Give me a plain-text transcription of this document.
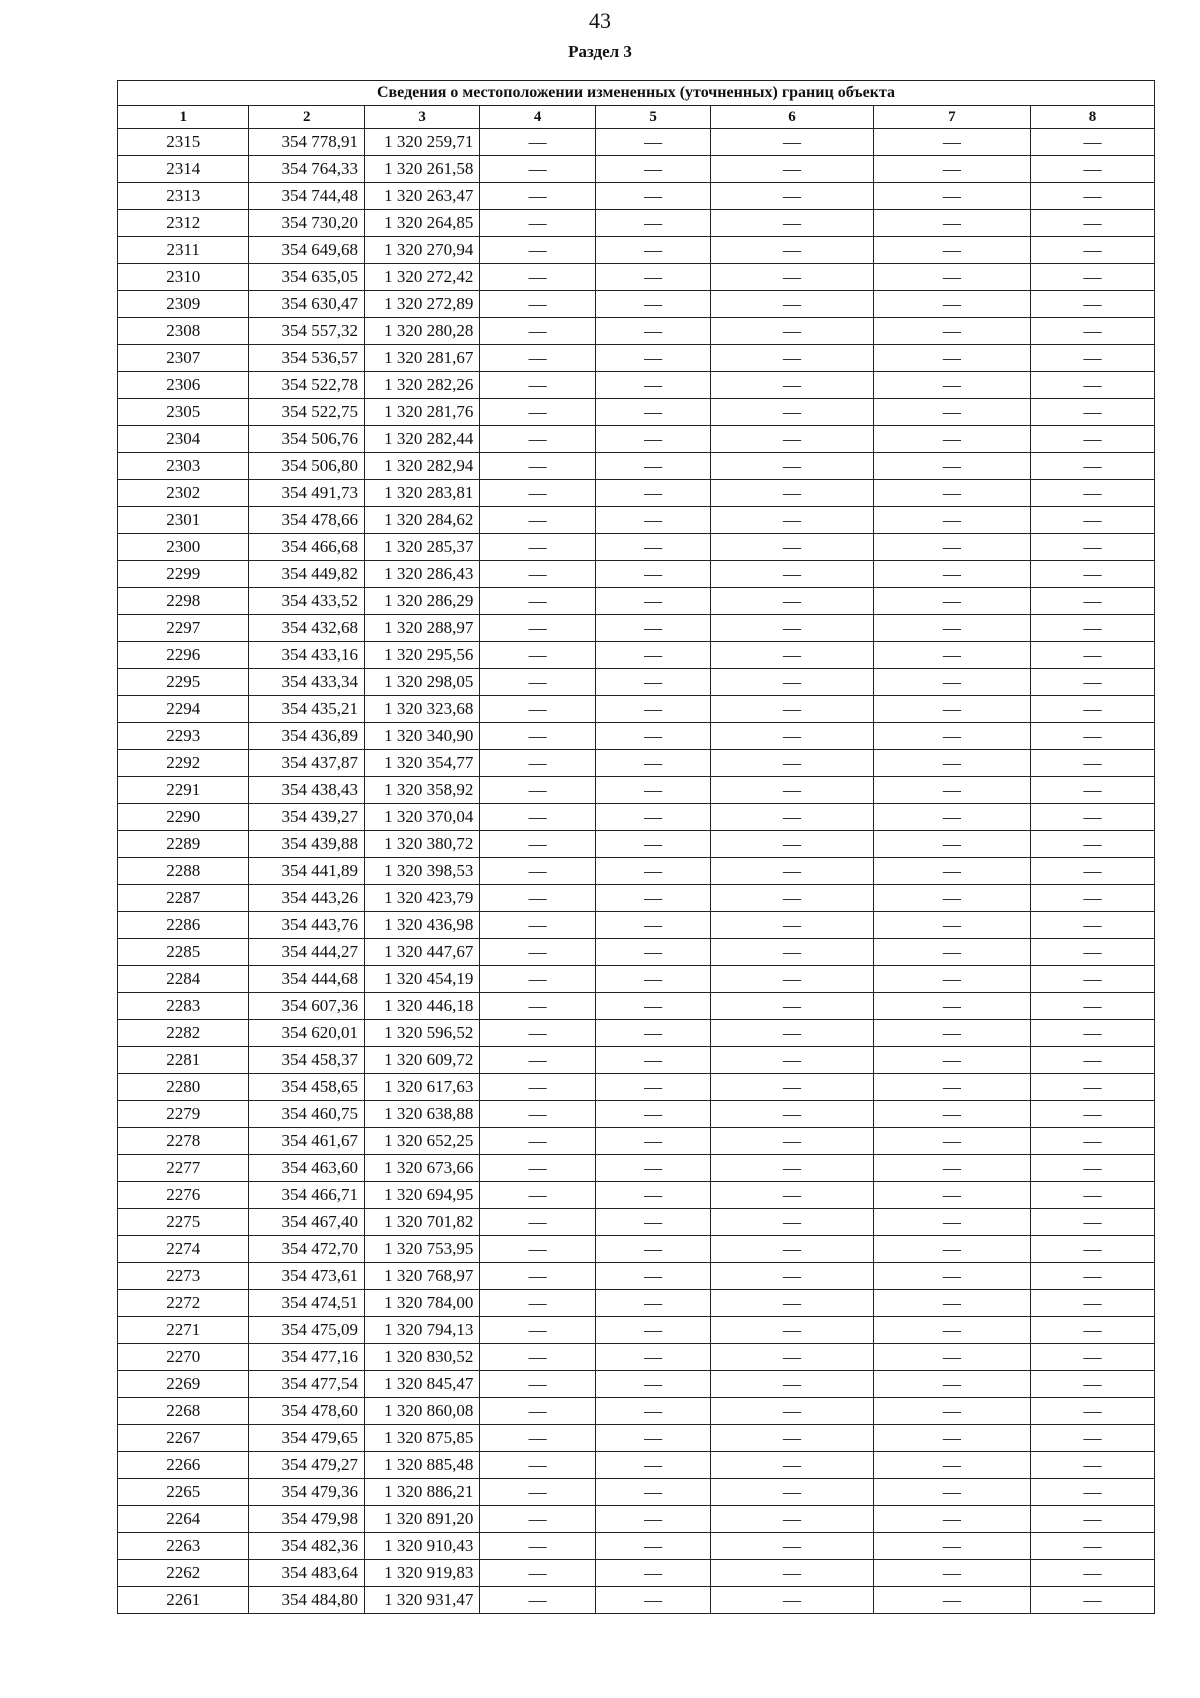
43
Раздел 3
Сведения о местоположении измененных (уточненных) границ объекта							
1	2	3	4	5	6	7	8
2315	354 778,91	1 320 259,71	—	—	—	—	—
2314	354 764,33	1 320 261,58	—	—	—	—	—
2313	354 744,48	1 320 263,47	—	—	—	—	—
2312	354 730,20	1 320 264,85	—	—	—	—	—
2311	354 649,68	1 320 270,94	—	—	—	—	—
2310	354 635,05	1 320 272,42	—	—	—	—	—
2309	354 630,47	1 320 272,89	—	—	—	—	—
2308	354 557,32	1 320 280,28	—	—	—	—	—
2307	354 536,57	1 320 281,67	—	—	—	—	—
2306	354 522,78	1 320 282,26	—	—	—	—	—
2305	354 522,75	1 320 281,76	—	—	—	—	—
2304	354 506,76	1 320 282,44	—	—	—	—	—
2303	354 506,80	1 320 282,94	—	—	—	—	—
2302	354 491,73	1 320 283,81	—	—	—	—	—
2301	354 478,66	1 320 284,62	—	—	—	—	—
2300	354 466,68	1 320 285,37	—	—	—	—	—
2299	354 449,82	1 320 286,43	—	—	—	—	—
2298	354 433,52	1 320 286,29	—	—	—	—	—
2297	354 432,68	1 320 288,97	—	—	—	—	—
2296	354 433,16	1 320 295,56	—	—	—	—	—
2295	354 433,34	1 320 298,05	—	—	—	—	—
2294	354 435,21	1 320 323,68	—	—	—	—	—
2293	354 436,89	1 320 340,90	—	—	—	—	—
2292	354 437,87	1 320 354,77	—	—	—	—	—
2291	354 438,43	1 320 358,92	—	—	—	—	—
2290	354 439,27	1 320 370,04	—	—	—	—	—
2289	354 439,88	1 320 380,72	—	—	—	—	—
2288	354 441,89	1 320 398,53	—	—	—	—	—
2287	354 443,26	1 320 423,79	—	—	—	—	—
2286	354 443,76	1 320 436,98	—	—	—	—	—
2285	354 444,27	1 320 447,67	—	—	—	—	—
2284	354 444,68	1 320 454,19	—	—	—	—	—
2283	354 607,36	1 320 446,18	—	—	—	—	—
2282	354 620,01	1 320 596,52	—	—	—	—	—
2281	354 458,37	1 320 609,72	—	—	—	—	—
2280	354 458,65	1 320 617,63	—	—	—	—	—
2279	354 460,75	1 320 638,88	—	—	—	—	—
2278	354 461,67	1 320 652,25	—	—	—	—	—
2277	354 463,60	1 320 673,66	—	—	—	—	—
2276	354 466,71	1 320 694,95	—	—	—	—	—
2275	354 467,40	1 320 701,82	—	—	—	—	—
2274	354 472,70	1 320 753,95	—	—	—	—	—
2273	354 473,61	1 320 768,97	—	—	—	—	—
2272	354 474,51	1 320 784,00	—	—	—	—	—
2271	354 475,09	1 320 794,13	—	—	—	—	—
2270	354 477,16	1 320 830,52	—	—	—	—	—
2269	354 477,54	1 320 845,47	—	—	—	—	—
2268	354 478,60	1 320 860,08	—	—	—	—	—
2267	354 479,65	1 320 875,85	—	—	—	—	—
2266	354 479,27	1 320 885,48	—	—	—	—	—
2265	354 479,36	1 320 886,21	—	—	—	—	—
2264	354 479,98	1 320 891,20	—	—	—	—	—
2263	354 482,36	1 320 910,43	—	—	—	—	—
2262	354 483,64	1 320 919,83	—	—	—	—	—
2261	354 484,80	1 320 931,47	—	—	—	—	—
